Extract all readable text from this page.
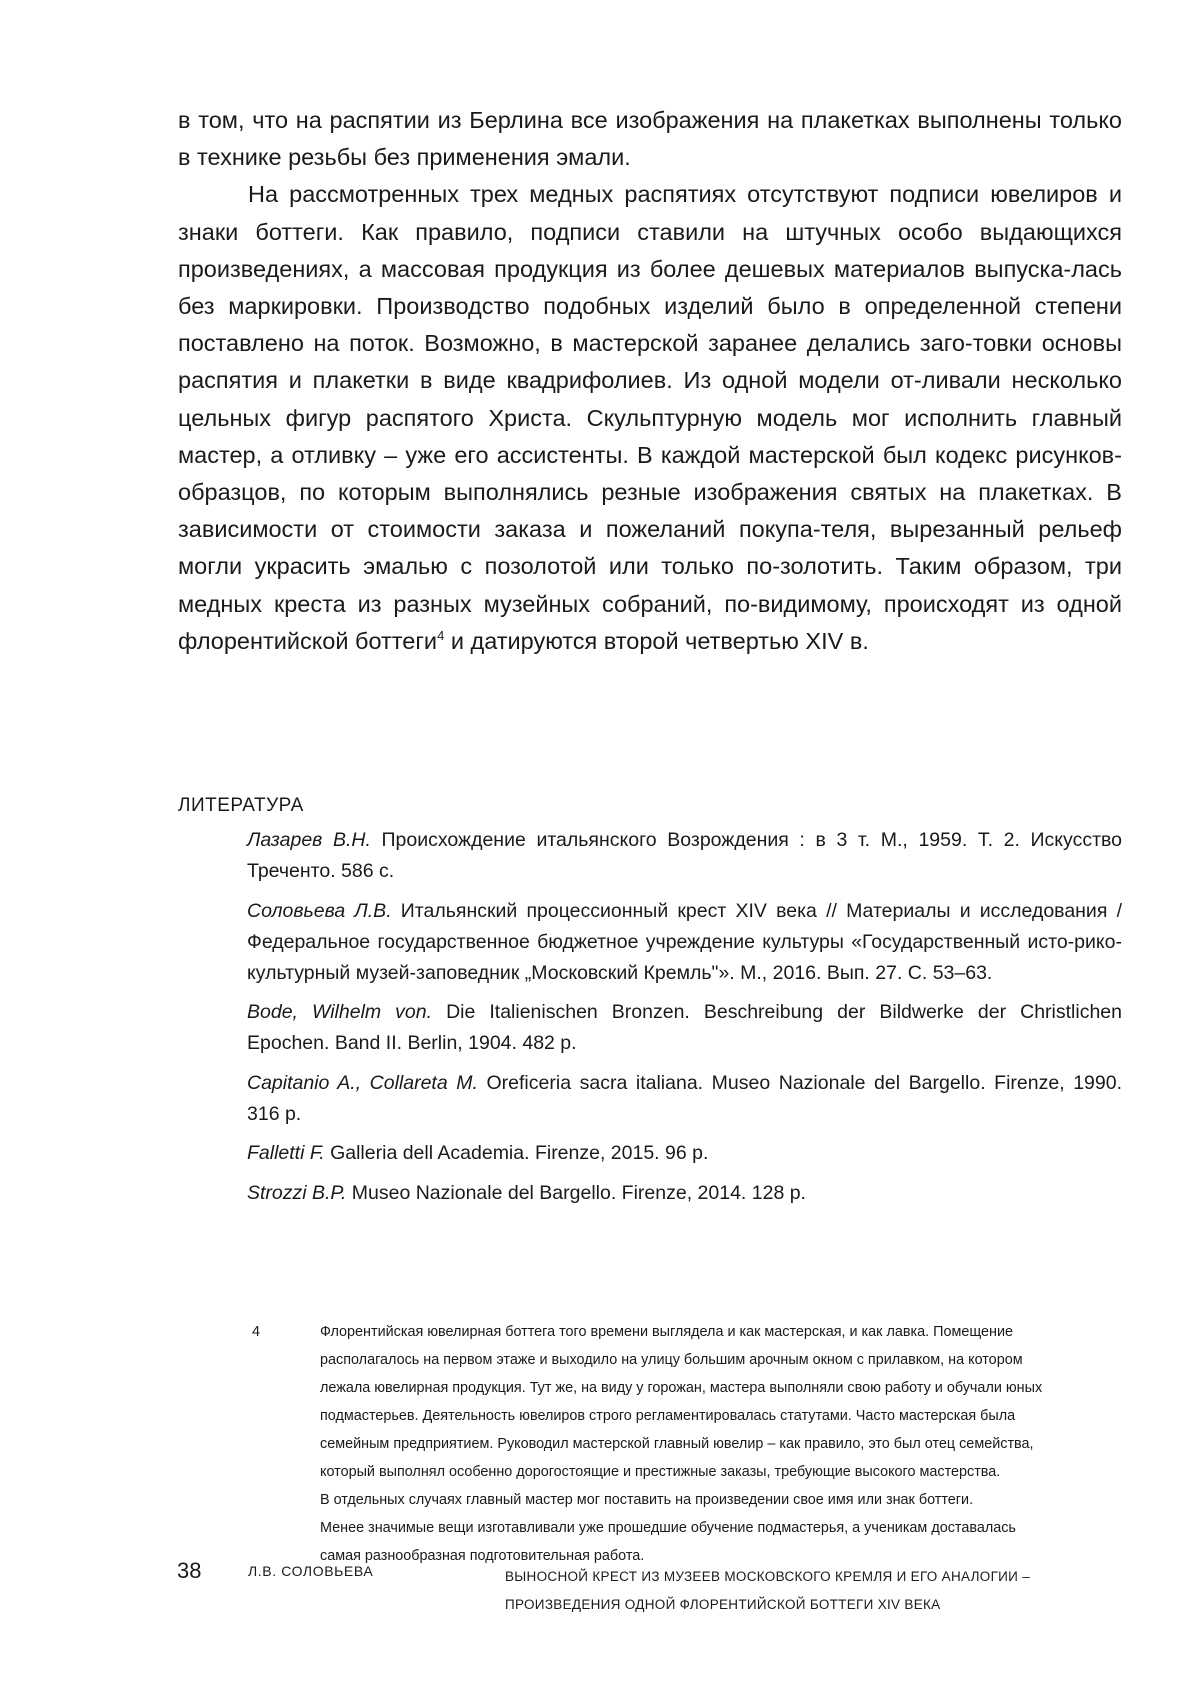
в том, что на распятии из Берлина все изображения на плакетках выполнены только в технике резьбы без применения эмали.

На рассмотренных трех медных распятиях отсутствуют подписи ювелиров и знаки боттеги. Как правило, подписи ставили на штучных особо выдающихся произведениях, а массовая продукция из более дешевых материалов выпуска-лась без маркировки. Производство подобных изделий было в определенной степени поставлено на поток. Возможно, в мастерской заранее делались заго-товки основы распятия и плакетки в виде квадрифолиев. Из одной модели от-ливали несколько цельных фигур распятого Христа. Скульптурную модель мог исполнить главный мастер, а отливку – уже его ассистенты. В каждой мастерской был кодекс рисунков-образцов, по которым выполнялись резные изображения святых на плакетках. В зависимости от стоимости заказа и пожеланий покупа-теля, вырезанный рельеф могли украсить эмалью с позолотой или только по-золотить. Таким образом, три медных креста из разных музейных собраний, по-видимому, происходят из одной флорентийской боттеги$^4$ и датируются второй четвертью XIV в.

ЛИТЕРАТУРА

Лазарев В.Н. Происхождение итальянского Возрождения : в 3 т. М., 1959. Т. 2. Искусство Треченто. 586 с.

Соловьева Л.В. Итальянский процессионный крест XIV века // Материалы и исследования / Федеральное государственное бюджетное учреждение культуры «Государственный исто-рико-культурный музей-заповедник „Московский Кремль"». М., 2016. Вып. 27. С. 53–63.

Bode, Wilhelm von. Die Italienischen Bronzen. Beschreibung der Bildwerke der Christlichen Epochen. Band II. Berlin, 1904. 482 p.

Capitanio A., Collareta M. Oreficeria sacra italiana. Museo Nazionale del Bargello. Firenze, 1990. 316 p.

Falletti F. Galleria dell Academia. Firenze, 2015. 96 p.

Strozzi B.P. Museo Nazionale del Bargello. Firenze, 2014. 128 p.

4	Флорентийская ювелирная боттега того времени выглядела и как мастерская, и как лавка. Помещение
располагалось на первом этаже и выходило на улицу большим арочным окном с прилавком, на котором
лежала ювелирная продукция. Тут же, на виду у горожан, мастера выполняли свою работу и обучали юных
подмастерьев. Деятельность ювелиров строго регламентировалась статутами. Часто мастерская была
семейным предприятием. Руководил мастерской главный ювелир – как правило, это был отец семейства,
который выполнял особенно дорогостоящие и престижные заказы, требующие высокого мастерства.
В отдельных случаях главный мастер мог поставить на произведении свое имя или знак боттеги.
Менее значимые вещи изготавливали уже прошедшие обучение подмастерья, а ученикам доставалась
самая разнообразная подготовительная работа.
38	Л.В. СОЛОВЬЕВА	ВЫНОСНОЙ КРЕСТ ИЗ МУЗЕЕВ МОСКОВСКОГО КРЕМЛЯ И ЕГО АНАЛОГИИ –
ПРОИЗВЕДЕНИЯ ОДНОЙ ФЛОРЕНТИЙСКОЙ БОТТЕГИ XIV ВЕКА
